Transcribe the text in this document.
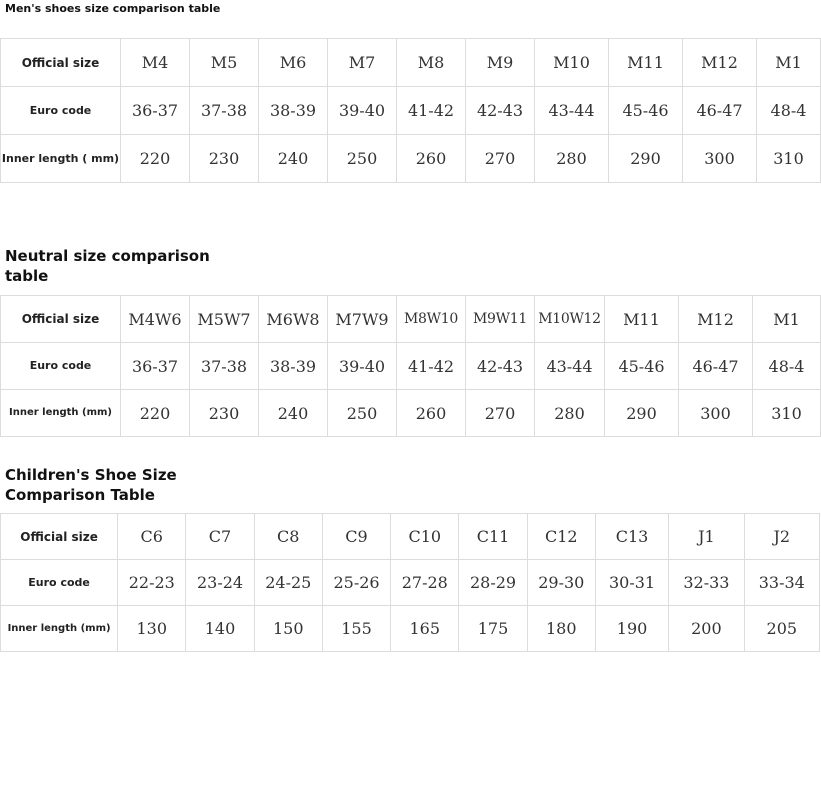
Men's shoes size comparison table
Official size	M4	M5	M6	M7	M8	M9	M10	M11	M12	M1
Euro code	36-37	37-38	38-39	39-40	41-42	42-43	43-44	45-46	46-47	48-4
Inner length ( mm)	220	230	240	250	260	270	280	290	300	310
Neutral size comparison
table
Official size	M4W6	M5W7	M6W8	M7W9	M8W10	M9W11	M10W12	M11	M12	M1
Euro code	36-37	37-38	38-39	39-40	41-42	42-43	43-44	45-46	46-47	48-4
Inner length (mm)	220	230	240	250	260	270	280	290	300	310
Children's Shoe Size
Comparison Table
Official size	C6	C7	C8	C9	C10	C11	C12	C13	J1	J2
Euro code	22-23	23-24	24-25	25-26	27-28	28-29	29-30	30-31	32-33	33-34
Inner length (mm)	130	140	150	155	165	175	180	190	200	205
